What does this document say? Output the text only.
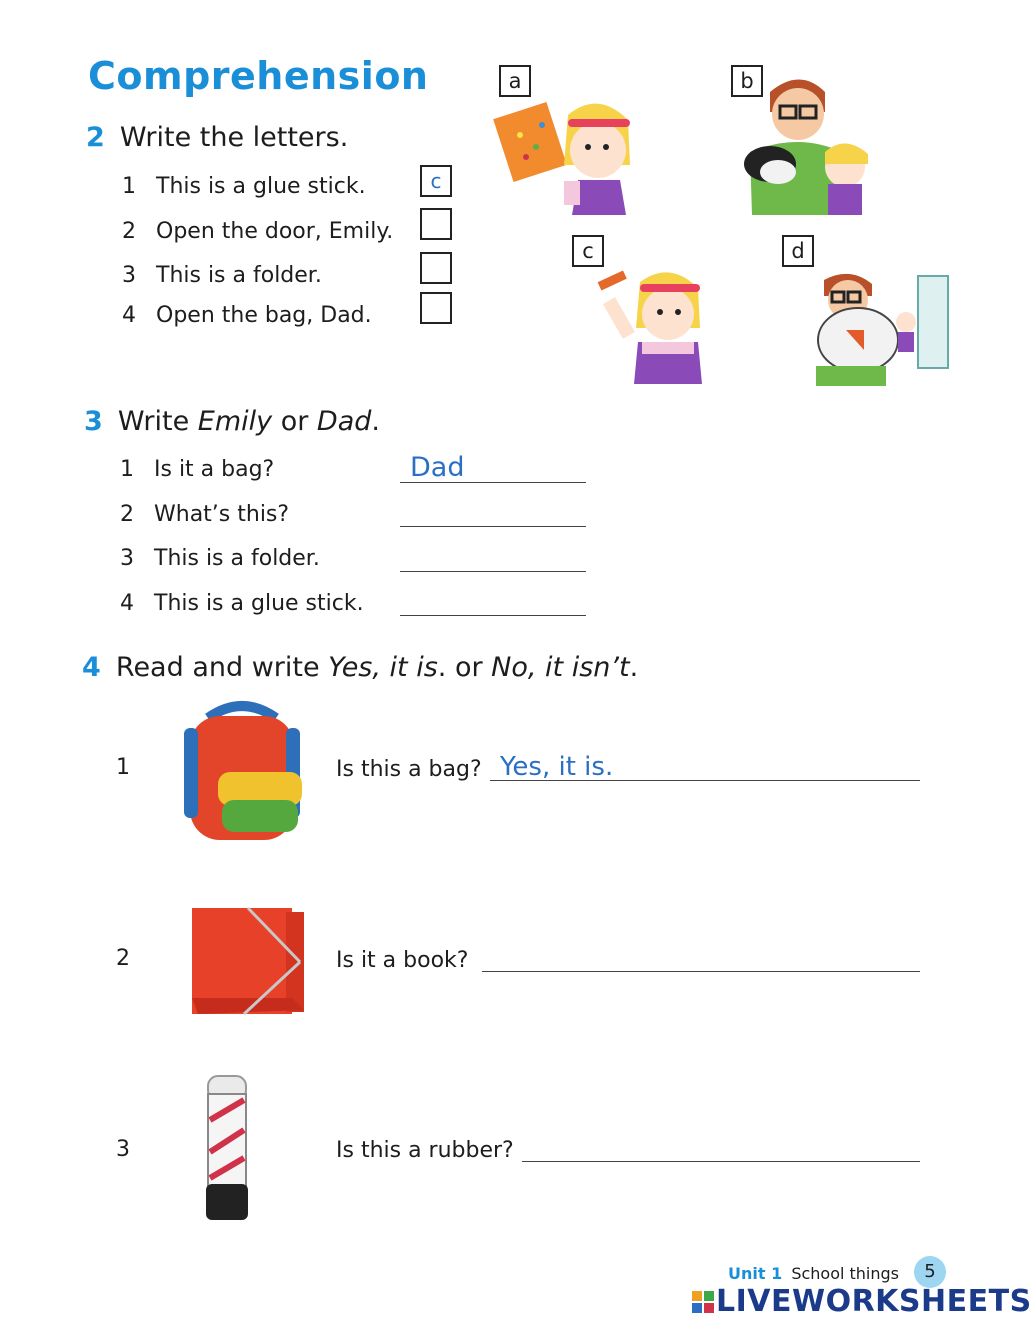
Comprehension
2 Write the letters.
1 This is a glue stick.	c
2 Open the door, Emily.
3 This is a folder.
4 Open the bag, Dad.
a	b
c	d
3 Write Emily or Dad.
1 Is it a bag?	Dad
2 What’s this?
3 This is a folder.
4 This is a glue stick.
4 Read and write Yes, it is. or No, it isn’t.
1	Is this a bag? Yes, it is.
2	Is it a book?
3	Is this a rubber?
Unit 1 School things	5
LIVEWORKSHEETS
